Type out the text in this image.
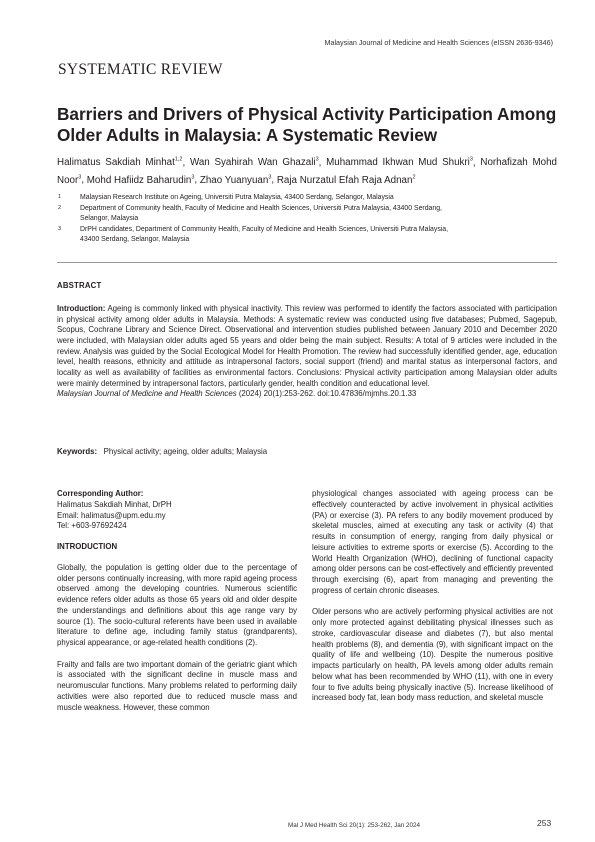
Malaysian Journal of Medicine and Health Sciences (eISSN 2636-9346)
SYSTEMATIC REVIEW
Barriers and Drivers of Physical Activity Participation Among
Older Adults in Malaysia: A Systematic Review
Halimatus Sakdiah Minhat$^{1,2}$, Wan Syahirah Wan Ghazali$^3$, Muhammad Ikhwan Mud Shukri$^3$, Norhafizah Mohd Noor$^3$, Mohd Hafiidz Baharudin$^3$, Zhao Yuanyuan$^3$, Raja Nurzatul Efah Raja Adnan$^2$
1	Malaysian Research Institute on Ageing, Universiti Putra Malaysia, 43400 Serdang, Selangor, Malaysia
2	Department of Community health, Faculty of Medicine and Health Sciences, Universiti Putra Malaysia, 43400 Serdang,
Selangor, Malaysia
3	DrPH candidates, Department of Community Health, Faculty of Medicine and Health Sciences, Universiti Putra Malaysia,
43400 Serdang, Selangor, Malaysia
ABSTRACT
Introduction: Ageing is commonly linked with physical inactivity. This review was performed to identify the factors associated with participation in physical activity among older adults in Malaysia. Methods: A systematic review was conducted using five databases; Pubmed, Sagepub, Scopus, Cochrane Library and Science Direct. Observational and intervention studies published between January 2010 and December 2020 were included, with Malaysian older adults aged 55 years and older being the main subject. Results: A total of 9 articles were included in the review. Analysis was guided by the Social Ecological Model for Health Promotion. The review had successfully identified gender, age, education level, health reasons, ethnicity and attitude as intrapersonal factors, social support (friend) and marital status as interpersonal factors, and locality as well as availability of facilities as environmental factors. Conclusions: Physical activity participation among Malaysian older adults were mainly determined by intrapersonal factors, particularly gender, health condition and educational level.
Malaysian Journal of Medicine and Health Sciences (2024) 20(1):253-262. doi:10.47836/mjmhs.20.1.33
Keywords: Physical activity; ageing, older adults; Malaysia
Corresponding Author:
Halimatus Sakdiah Minhat, DrPH
Email: halimatus@upm.edu.my
Tel: +603-97692424
INTRODUCTION

Globally, the population is getting older due to the percentage of older persons continually increasing, with more rapid ageing process observed among the developing countries. Numerous scientific evidence refers older adults as those 65 years old and older despite the understandings and definitions about this age range vary by source (1). The socio-cultural referents have been used in available literature to define age, including family status (grandparents), physical appearance, or age-related health conditions (2).

Frailty and falls are two important domain of the geriatric giant which is associated with the significant decline in muscle mass and neuromuscular functions. Many problems related to performing daily activities were also reported due to reduced muscle mass and muscle weakness. However, these common

physiological changes associated with ageing process can be effectively counteracted by active involvement in physical activities (PA) or exercise (3). PA refers to any bodily movement produced by skeletal muscles, aimed at executing any task or activity (4) that results in consumption of energy, ranging from daily physical or leisure activities to extreme sports or exercise (5). According to the World Health Organization (WHO), declining of functional capacity among older persons can be cost-effectively and efficiently prevented through exercising (6), apart from managing and preventing the progress of certain chronic diseases.

Older persons who are actively performing physical activities are not only more protected against debilitating physical illnesses such as stroke, cardiovascular disease and diabetes (7), but also mental health problems (8), and dementia (9), with significant impact on the quality of life and wellbeing (10). Despite the numerous positive impacts particularly on health, PA levels among older adults remain below what has been recommended by WHO (11), with one in every four to five adults being physically inactive (5). Increase likelihood of increased body fat, lean body mass reduction, and skeletal muscle

Mal J Med Health Sci 20(1): 253-262, Jan 2024	253
